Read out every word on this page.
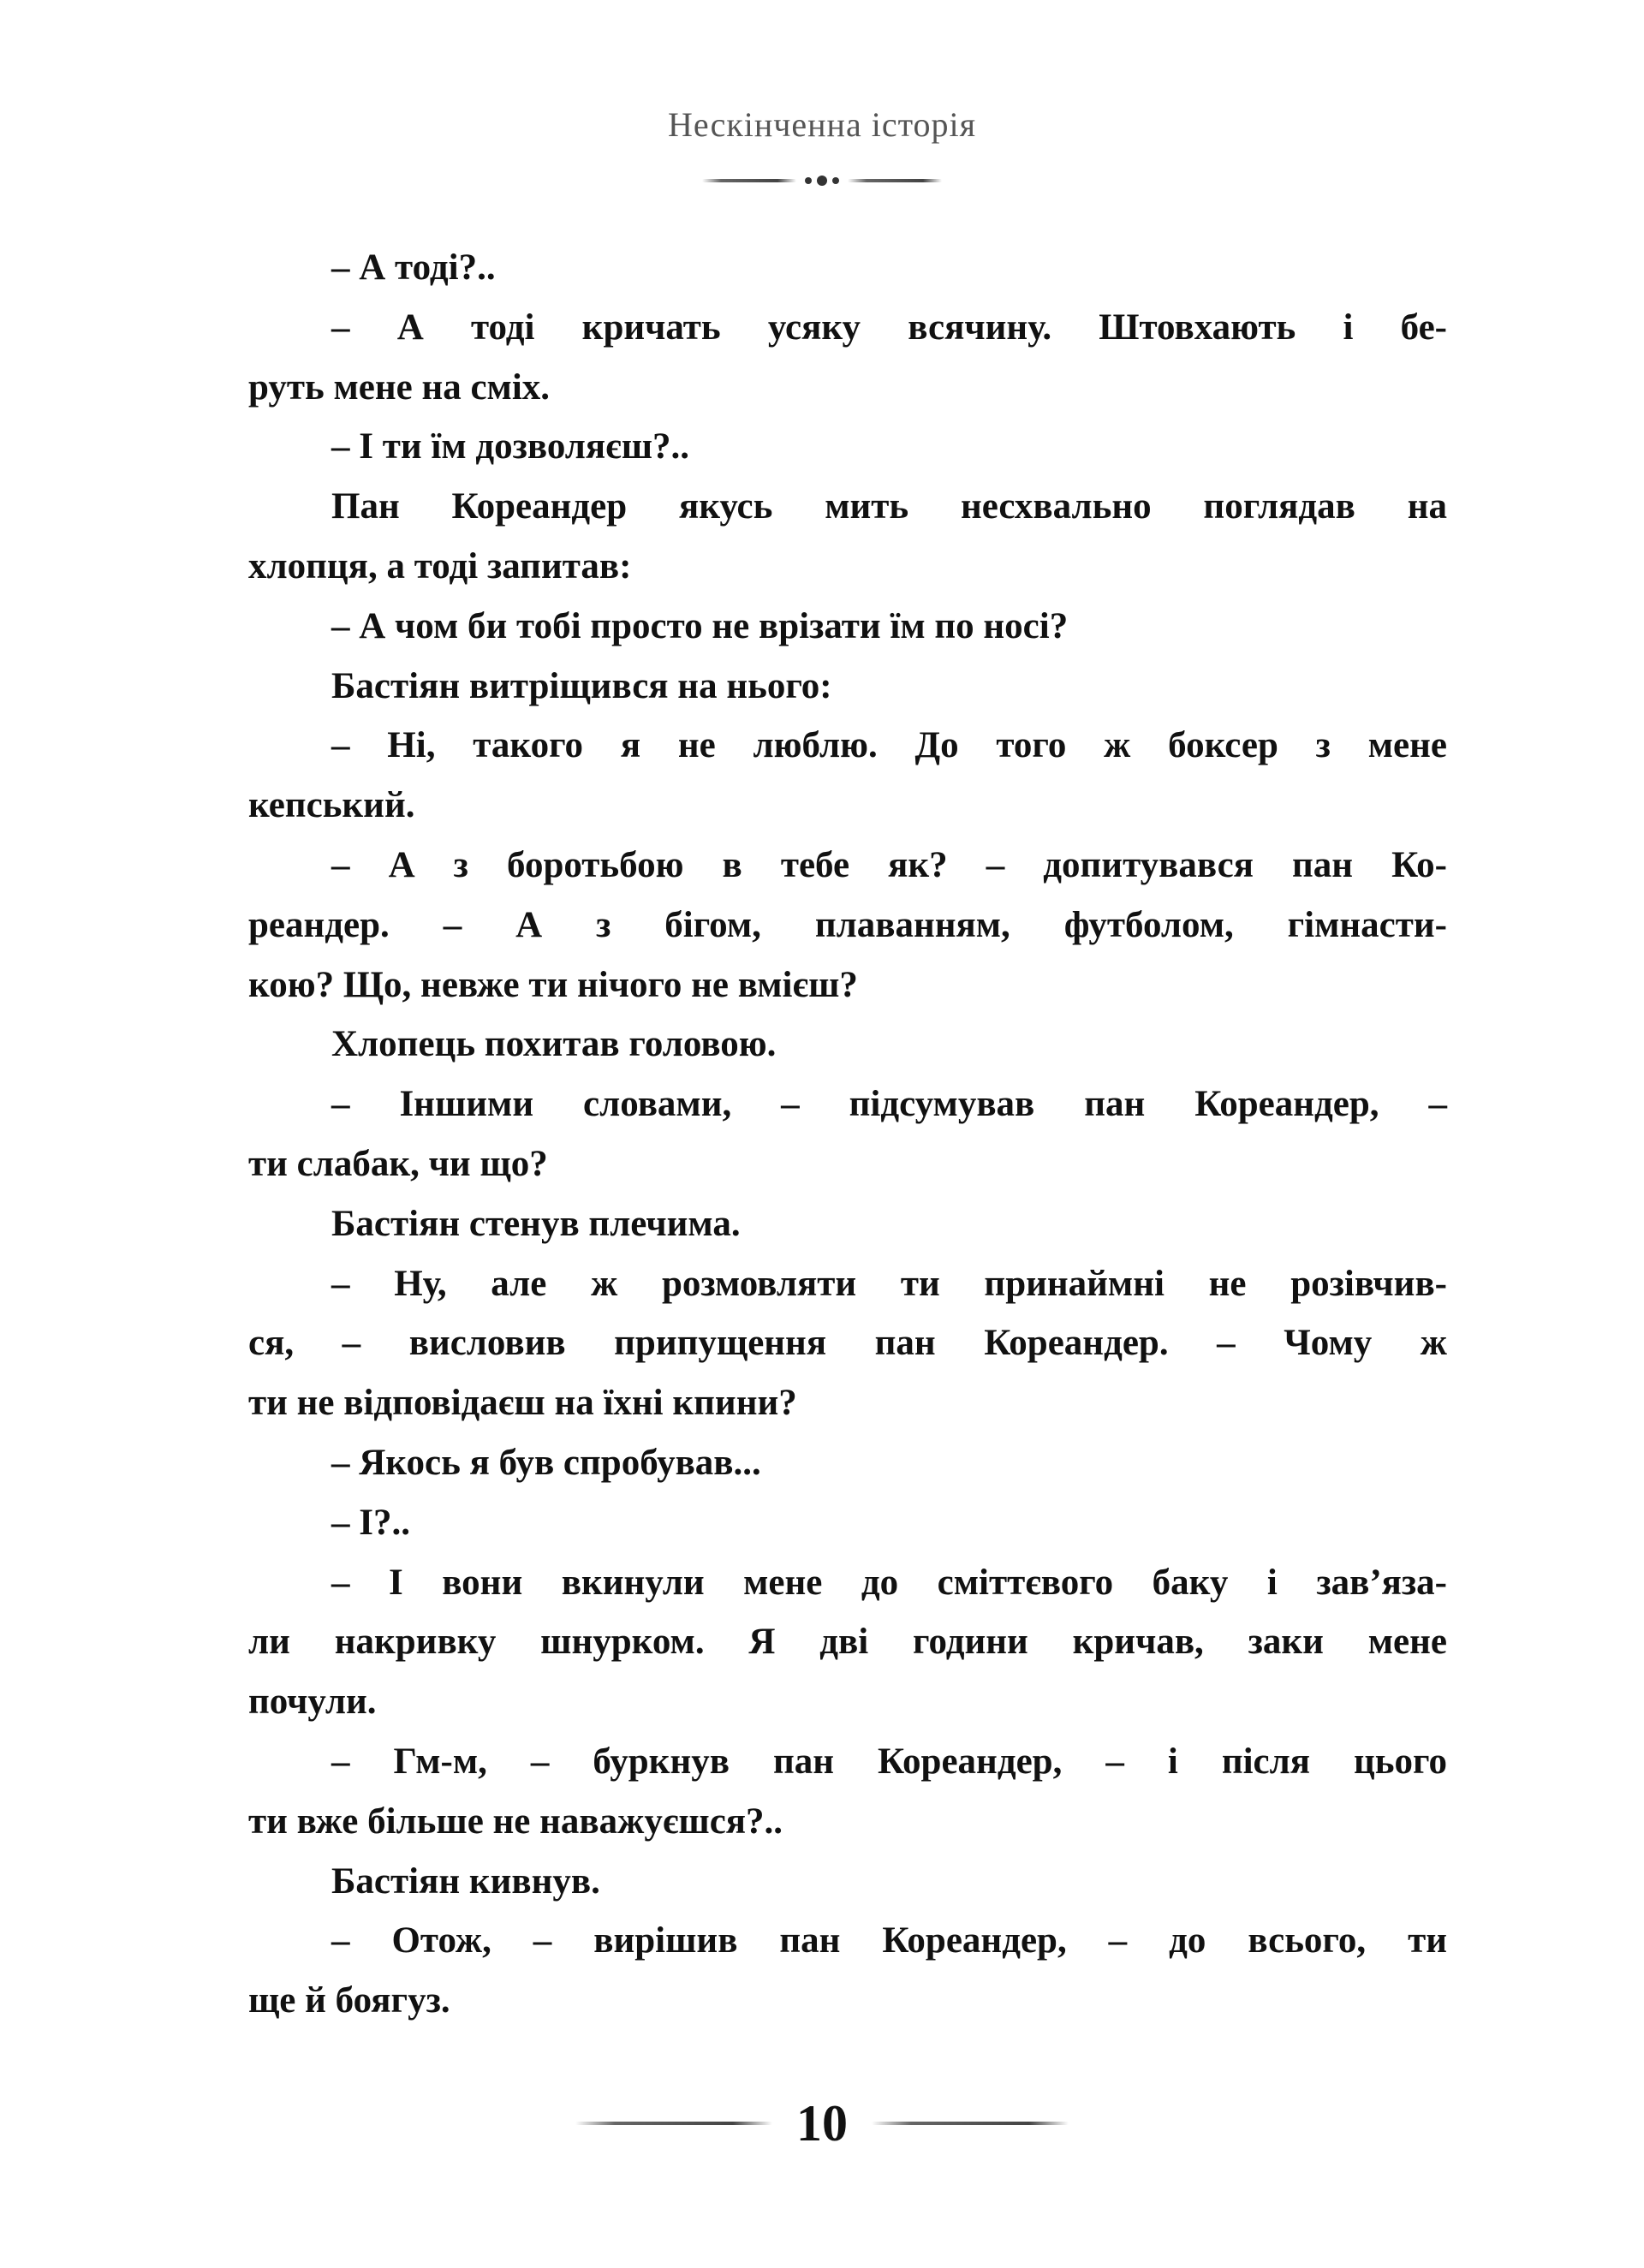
Нескінченна історія
– А тоді?..
– А тоді кричать усяку всячину. Штовхають і бе-
руть мене на сміх.
– І ти їм дозволяєш?..
Пан Кореандер якусь мить несхвально поглядав на
хлопця, а тоді запитав:
– А чом би тобі просто не врізати їм по носі?
Бастіян витріщився на нього:
– Ні, такого я не люблю. До того ж боксер з мене
кепський.
– А з боротьбою в тебе як? – допитувався пан Ко-
реандер. – А з бігом, плаванням, футболом, гімнасти-
кою? Що, невже ти нічого не вмієш?
Хлопець похитав головою.
– Іншими словами, – підсумував пан Кореандер, –
ти слабак, чи що?
Бастіян стенув плечима.
– Ну, але ж розмовляти ти принаймні не розівчив-
ся, – висловив припущення пан Кореандер. – Чому ж
ти не відповідаєш на їхні кпини?
– Якось я був спробував...
– І?..
– І вони вкинули мене до сміттєвого баку і зав’яза-
ли накривку шнурком. Я дві години кричав, заки мене
почули.
– Гм-м, – буркнув пан Кореандер, – і після цього
ти вже більше не наважуєшся?..
Бастіян кивнув.
– Отож, – вирішив пан Кореандер, – до всього, ти
ще й боягуз.
10
